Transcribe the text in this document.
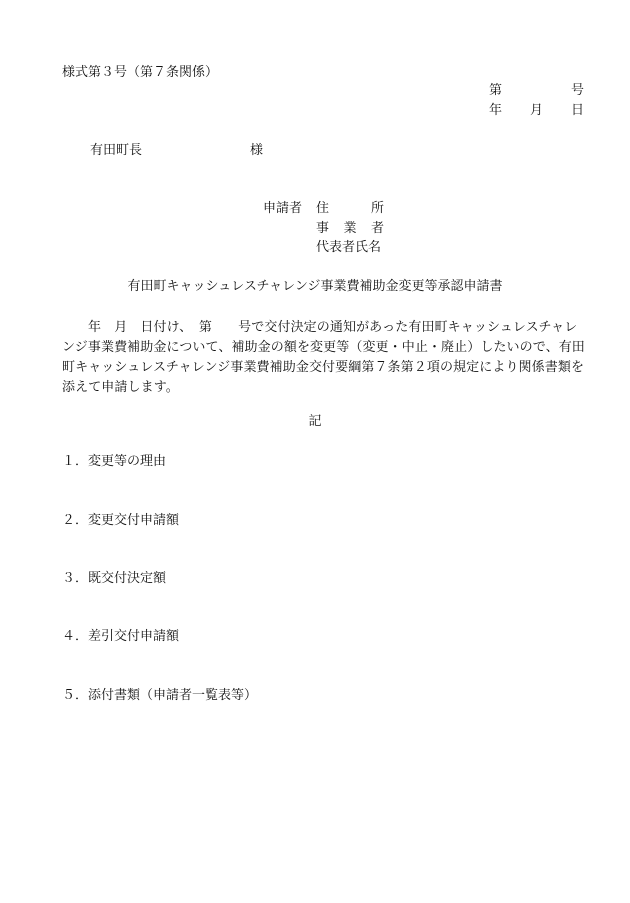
様式第３号（第７条関係）
第	号
年 月 日
有田町長	様
申請者 住	所
事 業 者
代表者氏名
有田町キャッシュレスチャレンジ事業費補助金変更等承認申請書
年　月　日付け、　第　　号で交付決定の通知があった有田町キャッシュレスチャレンジ事業費補助金について、補助金の額を変更等（変更・中止・廃止）したいので、有田町キャッシュレスチャレンジ事業費補助金交付要綱第７条第２項の規定により関係書類を添えて申請します。
記
１．変更等の理由
２．変更交付申請額
３．既交付決定額
４．差引交付申請額
５．添付書類（申請者一覧表等）
